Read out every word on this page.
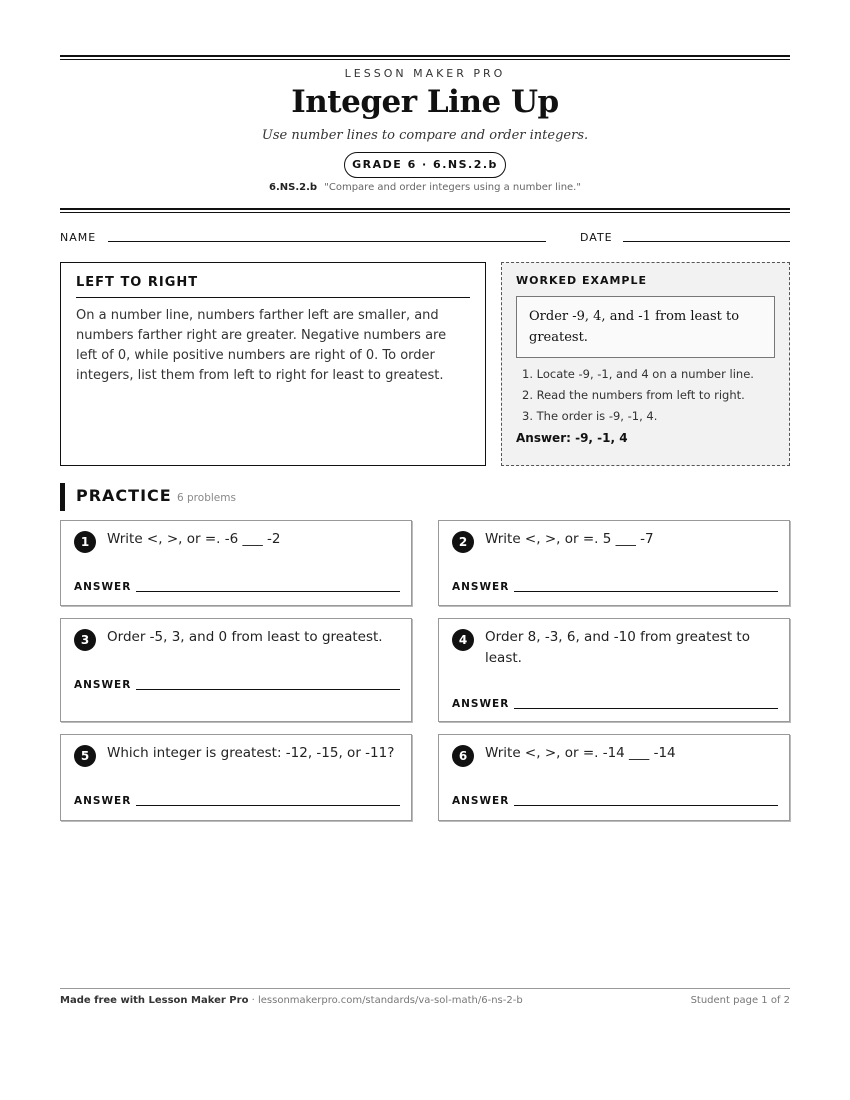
LESSON MAKER PRO
Integer Line Up
Use number lines to compare and order integers.
GRADE 6 · 6.NS.2.b
6.NS.2.b "Compare and order integers using a number line."
NAME	DATE
LEFT TO RIGHT
On a number line, numbers farther left are smaller, and numbers farther right are greater. Negative numbers are left of 0, while positive numbers are right of 0. To order integers, list them from left to right for least to greatest.
WORKED EXAMPLE
Order -9, 4, and -1 from least to greatest.
1. Locate -9, -1, and 4 on a number line.
2. Read the numbers from left to right.
3. The order is -9, -1, 4.
Answer: -9, -1, 4
PRACTICE 6 problems
1	Write <, >, or =. -6 ___ -2
ANSWER
2	Write <, >, or =. 5 ___ -7
ANSWER
3	Order -5, 3, and 0 from least to greatest.
ANSWER
4	Order 8, -3, 6, and -10 from greatest to least.
ANSWER
5	Which integer is greatest: -12, -15, or -11?
ANSWER
6	Write <, >, or =. -14 ___ -14
ANSWER
Made free with Lesson Maker Pro · lessonmakerpro.com/standards/va-sol-math/6-ns-2-b	Student page 1 of 2
